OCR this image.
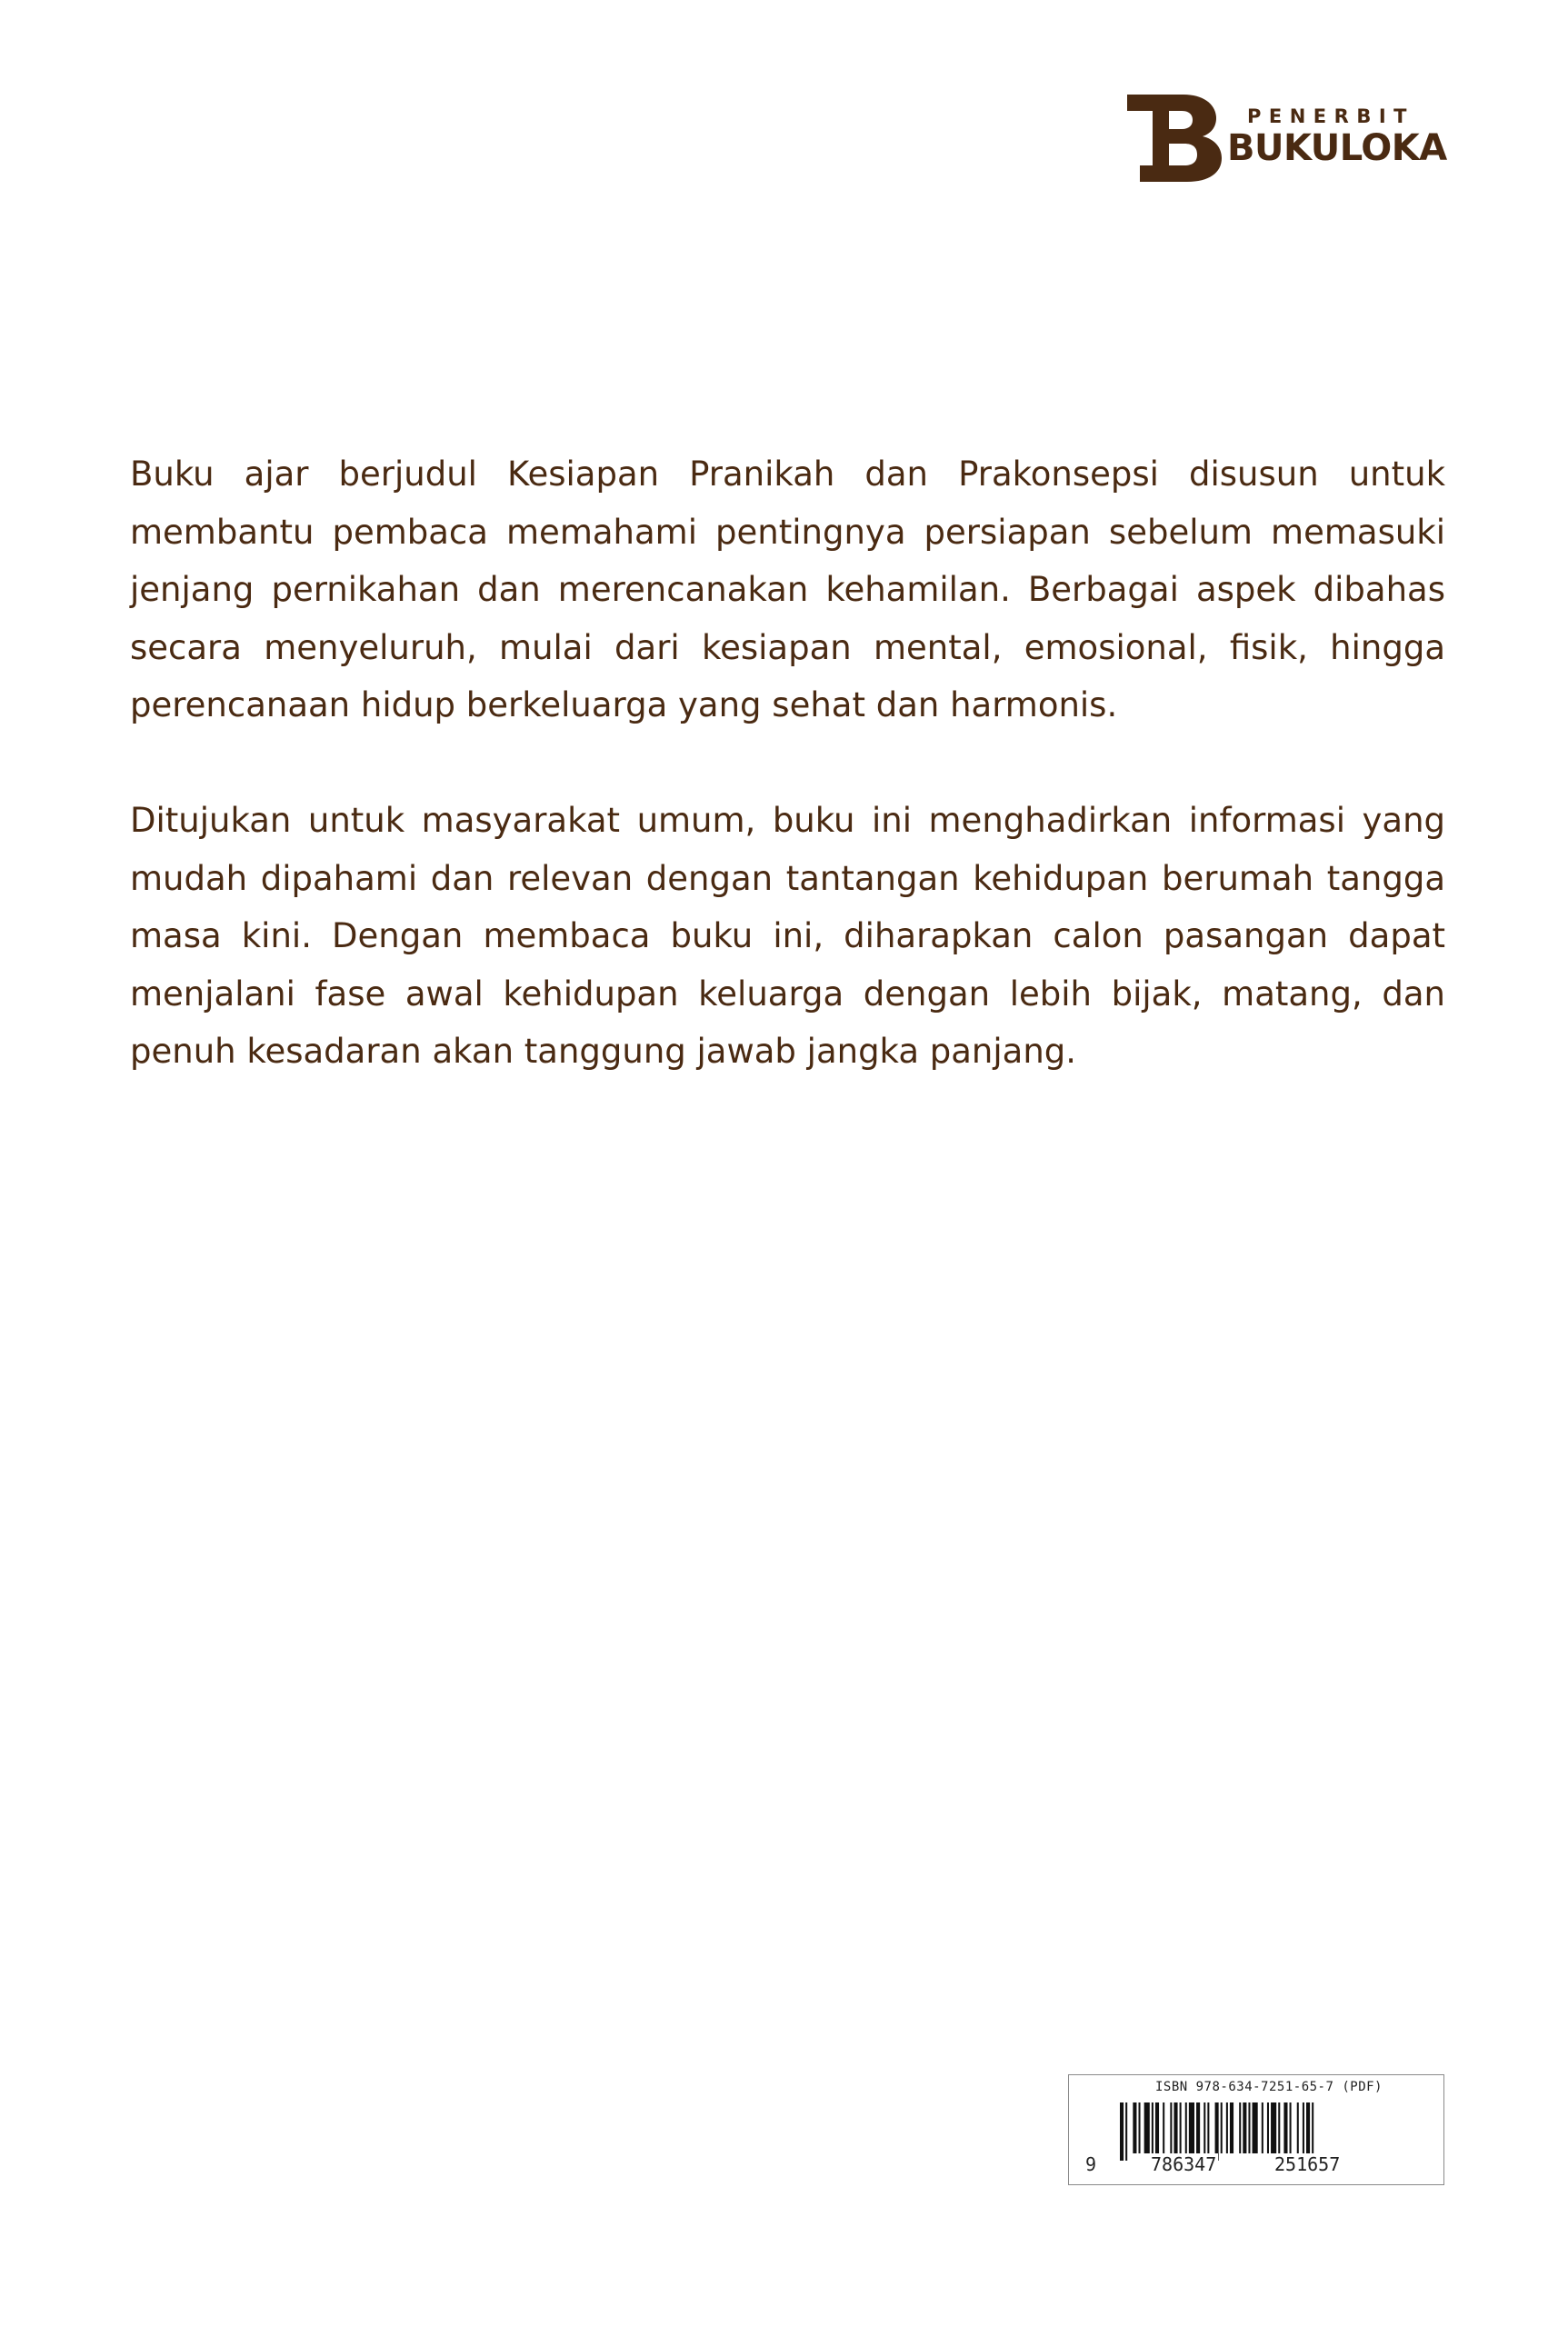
PENERBIT
BUKULOKA

Buku ajar berjudul Kesiapan Pranikah dan Prakonsepsi disusun untuk membantu pembaca memahami pentingnya persiapan sebelum memasuki jenjang pernikahan dan merencanakan kehamilan. Berbagai aspek dibahas secara menyeluruh, mulai dari kesiapan mental, emosional, fisik, hingga perencanaan hidup berkeluarga yang sehat dan harmonis.

Ditujukan untuk masyarakat umum, buku ini menghadirkan informasi yang mudah dipahami dan relevan dengan tantangan kehidupan berumah tangga masa kini. Dengan membaca buku ini, diharapkan calon pasangan dapat menjalani fase awal kehidupan keluarga dengan lebih bijak, matang, dan penuh kesadaran akan tanggung jawab jangka panjang.

ISBN 978-634-7251-65-7 (PDF)
9	786347	251657
